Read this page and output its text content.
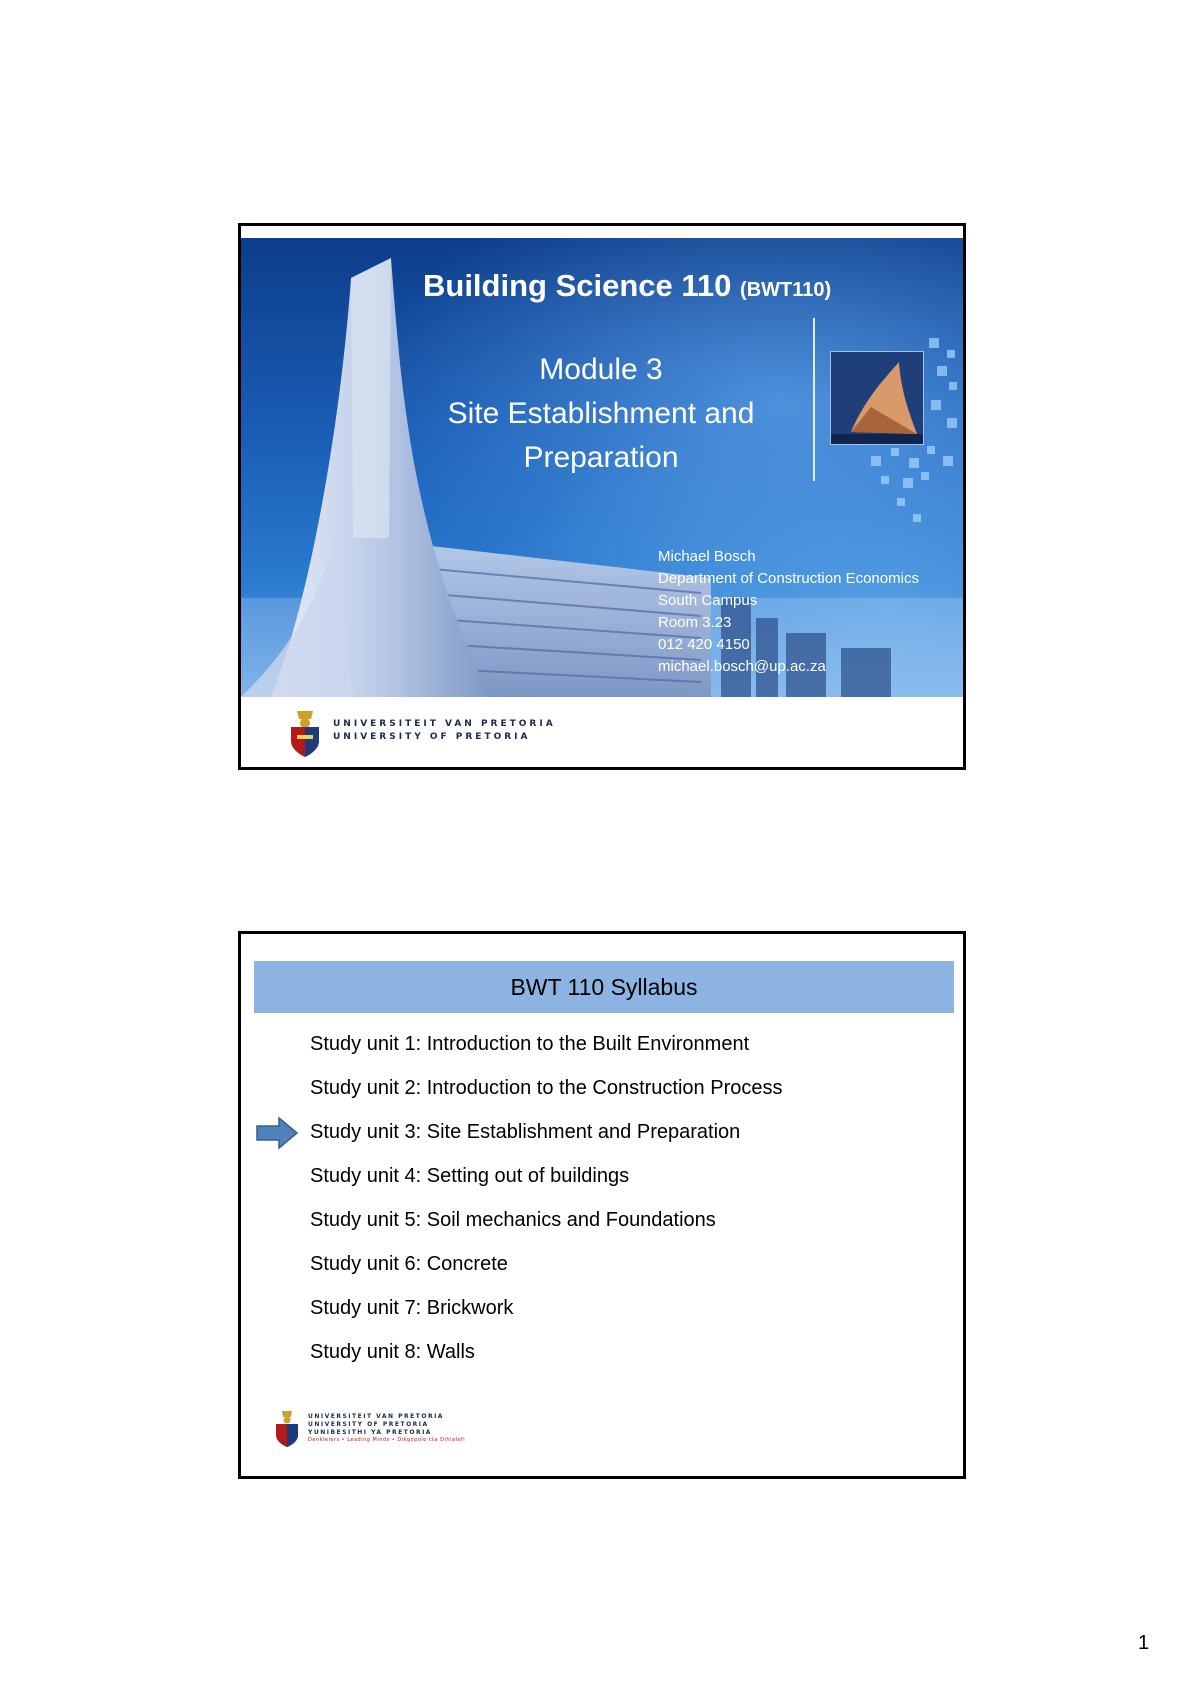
Building Science 110 (BWT110)
Module 3
Site Establishment and
Preparation
Michael Bosch
Department of Construction Economics
South Campus
Room 3.23
012 420 4150
michael.bosch@up.ac.za
UNIVERSITEIT VAN PRETORIA
UNIVERSITY OF PRETORIA
BWT 110 Syllabus
Study unit 1: Introduction to the Built Environment
Study unit 2: Introduction to the Construction Process
Study unit 3: Site Establishment and Preparation
Study unit 4: Setting out of buildings
Study unit 5: Soil mechanics and Foundations
Study unit 6: Concrete
Study unit 7: Brickwork
Study unit 8: Walls
UNIVERSITEIT VAN PRETORIA
UNIVERSITY OF PRETORIA
YUNIBESITHI YA PRETORIA
Denkleiers • Leading Minds • Dikgopolo tša Dihlalefi
1
